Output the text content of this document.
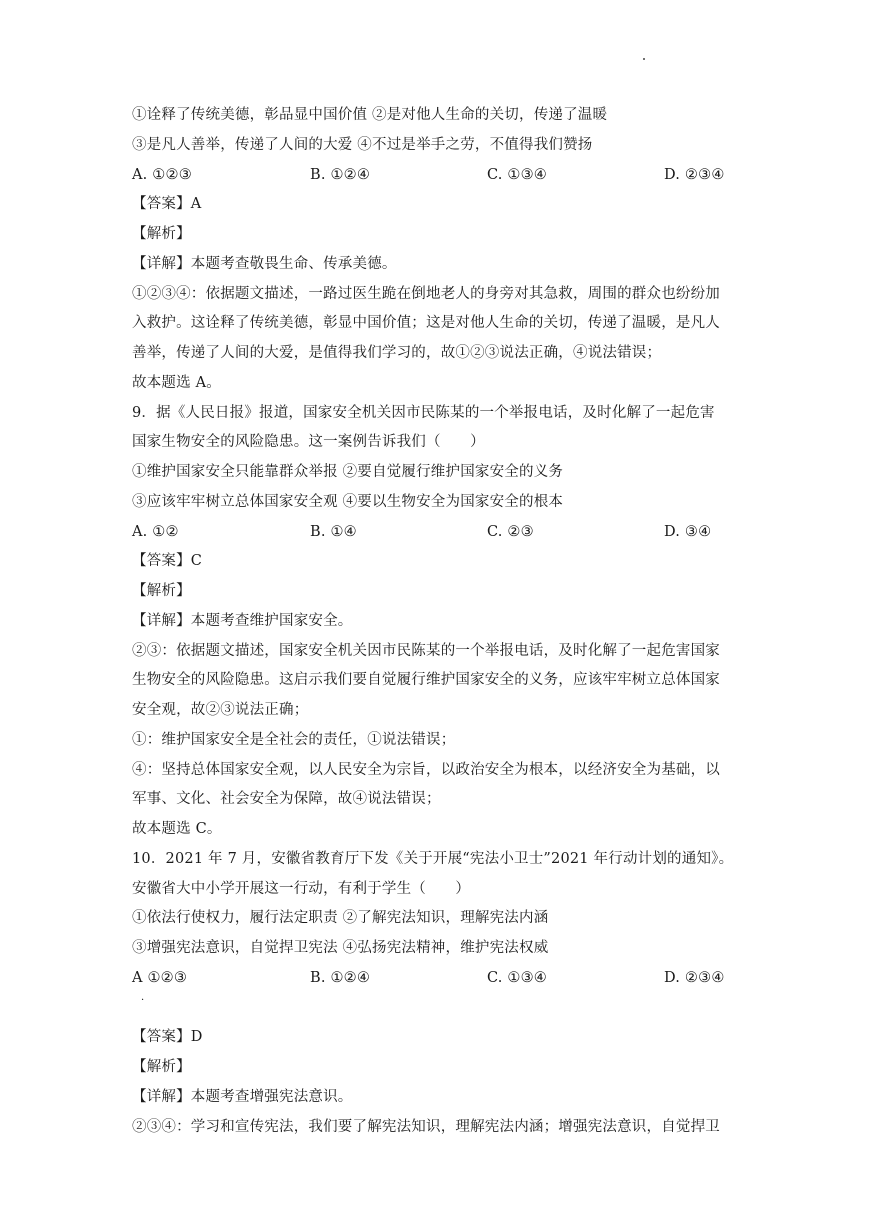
①诠释了传统美德，彰品显中国价值 ②是对他人生命的关切，传递了温暖
③是凡人善举，传递了人间的大爱 ④不过是举手之劳，不值得我们赞扬
A. ①②③	B. ①②④	C. ①③④	D. ②③④
【答案】A
【解析】
【详解】本题考查敬畏生命、传承美德。
①②③④：依据题文描述，一路过医生跪在倒地老人的身旁对其急救，周围的群众也纷纷加
入救护。这诠释了传统美德，彰显中国价值；这是对他人生命的关切，传递了温暖，是凡人
善举，传递了人间的大爱，是值得我们学习的，故①②③说法正确，④说法错误；
故本题选 A。
9．据《人民日报》报道，国家安全机关因市民陈某的一个举报电话，及时化解了一起危害
国家生物安全的风险隐患。这一案例告诉我们（　　）
①维护国家安全只能靠群众举报 ②要自觉履行维护国家安全的义务
③应该牢牢树立总体国家安全观 ④要以生物安全为国家安全的根本
A. ①②	B. ①④	C. ②③	D. ③④
【答案】C
【解析】
【详解】本题考查维护国家安全。
②③：依据题文描述，国家安全机关因市民陈某的一个举报电话，及时化解了一起危害国家
生物安全的风险隐患。这启示我们要自觉履行维护国家安全的义务，应该牢牢树立总体国家
安全观，故②③说法正确；
①：维护国家安全是全社会的责任，①说法错误；
④：坚持总体国家安全观，以人民安全为宗旨，以政治安全为根本，以经济安全为基础，以
军事、文化、社会安全为保障，故④说法错误；
故本题选 C。
10．2021 年 7 月，安徽省教育厅下发《关于开展“宪法小卫士”2021 年行动计划的通知》。
安徽省大中小学开展这一行动，有利于学生（　　）
①依法行使权力，履行法定职责 ②了解宪法知识，理解宪法内涵
③增强宪法意识，自觉捍卫宪法 ④弘扬宪法精神，维护宪法权威
A ①②③
·
B. ①②④	C. ①③④	D. ②③④
【答案】D
【解析】
【详解】本题考查增强宪法意识。
②③④：学习和宣传宪法，我们要了解宪法知识，理解宪法内涵；增强宪法意识，自觉捍卫
